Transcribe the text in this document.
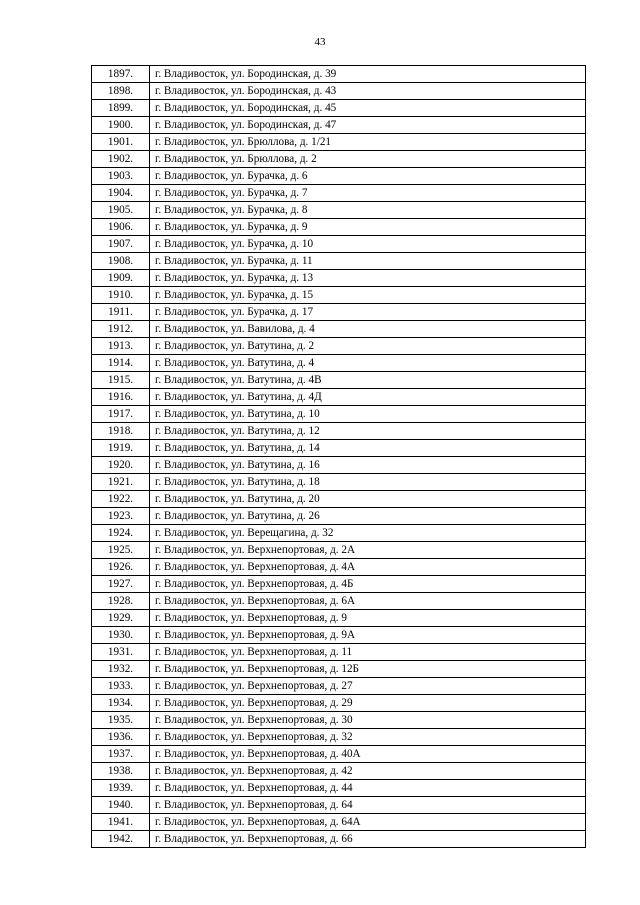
43
1897.	г. Владивосток, ул. Бородинская, д. 39
1898.	г. Владивосток, ул. Бородинская, д. 43
1899.	г. Владивосток, ул. Бородинская, д. 45
1900.	г. Владивосток, ул. Бородинская, д. 47
1901.	г. Владивосток, ул. Брюллова, д. 1/21
1902.	г. Владивосток, ул. Брюллова, д. 2
1903.	г. Владивосток, ул. Бурачка, д. 6
1904.	г. Владивосток, ул. Бурачка, д. 7
1905.	г. Владивосток, ул. Бурачка, д. 8
1906.	г. Владивосток, ул. Бурачка, д. 9
1907.	г. Владивосток, ул. Бурачка, д. 10
1908.	г. Владивосток, ул. Бурачка, д. 11
1909.	г. Владивосток, ул. Бурачка, д. 13
1910.	г. Владивосток, ул. Бурачка, д. 15
1911.	г. Владивосток, ул. Бурачка, д. 17
1912.	г. Владивосток, ул. Вавилова, д. 4
1913.	г. Владивосток, ул. Ватутина, д. 2
1914.	г. Владивосток, ул. Ватутина, д. 4
1915.	г. Владивосток, ул. Ватутина, д. 4В
1916.	г. Владивосток, ул. Ватутина, д. 4Д
1917.	г. Владивосток, ул. Ватутина, д. 10
1918.	г. Владивосток, ул. Ватутина, д. 12
1919.	г. Владивосток, ул. Ватутина, д. 14
1920.	г. Владивосток, ул. Ватутина, д. 16
1921.	г. Владивосток, ул. Ватутина, д. 18
1922.	г. Владивосток, ул. Ватутина, д. 20
1923.	г. Владивосток, ул. Ватутина, д. 26
1924.	г. Владивосток, ул. Верещагина, д. 32
1925.	г. Владивосток, ул. Верхнепортовая, д. 2А
1926.	г. Владивосток, ул. Верхнепортовая, д. 4А
1927.	г. Владивосток, ул. Верхнепортовая, д. 4Б
1928.	г. Владивосток, ул. Верхнепортовая, д. 6А
1929.	г. Владивосток, ул. Верхнепортовая, д. 9
1930.	г. Владивосток, ул. Верхнепортовая, д. 9А
1931.	г. Владивосток, ул. Верхнепортовая, д. 11
1932.	г. Владивосток, ул. Верхнепортовая, д. 12Б
1933.	г. Владивосток, ул. Верхнепортовая, д. 27
1934.	г. Владивосток, ул. Верхнепортовая, д. 29
1935.	г. Владивосток, ул. Верхнепортовая, д. 30
1936.	г. Владивосток, ул. Верхнепортовая, д. 32
1937.	г. Владивосток, ул. Верхнепортовая, д. 40А
1938.	г. Владивосток, ул. Верхнепортовая, д. 42
1939.	г. Владивосток, ул. Верхнепортовая, д. 44
1940.	г. Владивосток, ул. Верхнепортовая, д. 64
1941.	г. Владивосток, ул. Верхнепортовая, д. 64А
1942.	г. Владивосток, ул. Верхнепортовая, д. 66
